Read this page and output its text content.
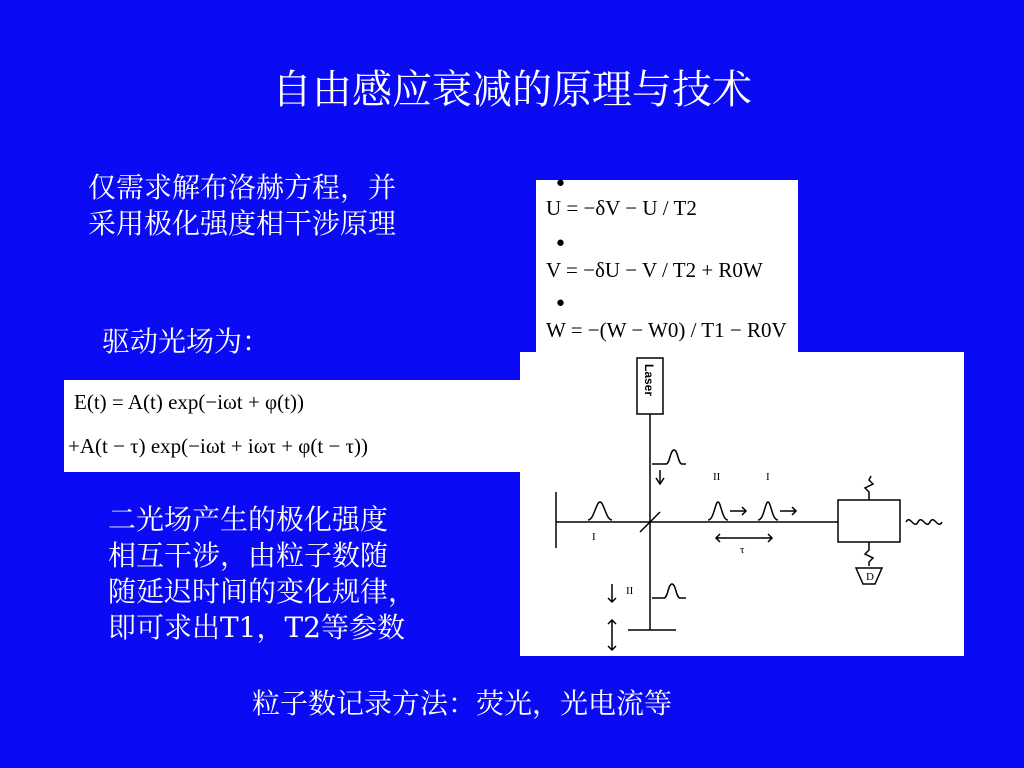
自由感应衰减的原理与技术
仅需求解布洛赫方程，并
采用极化强度相干涉原理
•
U = −δV − U / T2
•
V = −δU − V / T2 + R0W
•
W = −(W − W0) / T1 − R0V
驱动光场为：
E(t) = A(t) exp(−iωt + φ(t))
+A(t − τ) exp(−iωt + iωτ + φ(t − τ))
二光场产生的极化强度
相互干涉，由粒子数随
随延迟时间的变化规律，
即可求出T1，T2等参数
Laser
II	I
I
II
τ
D
粒子数记录方法：荧光，光电流等
